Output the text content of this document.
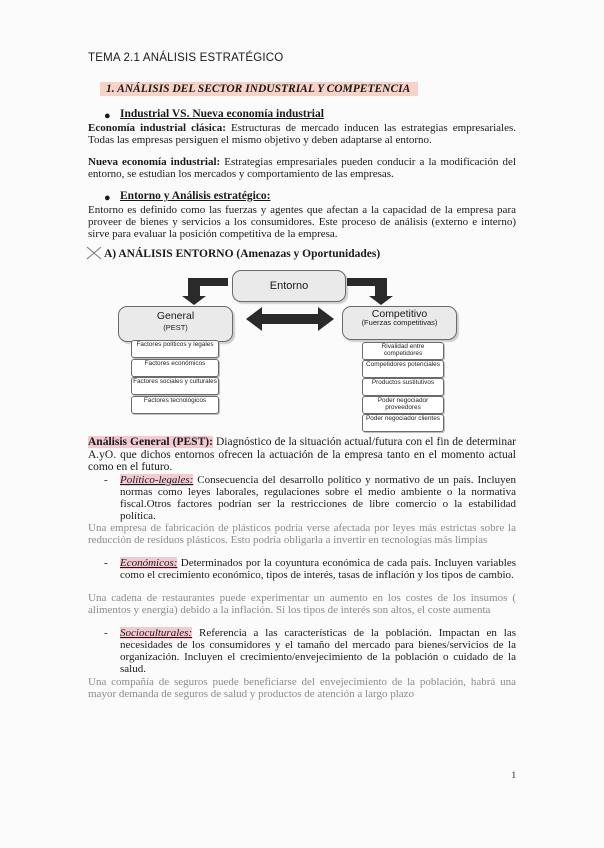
TEMA 2.1 ANÁLISIS ESTRATÉGICO
1. ANÁLISIS DEL SECTOR INDUSTRIAL Y COMPETENCIA
● Industrial VS. Nueva economía industrial
Economía industrial clásica: Estructuras de mercado inducen las estrategias empresariales. Todas las empresas persiguen el mismo objetivo y deben adaptarse al entorno.
Nueva economía industrial: Estrategias empresariales pueden conducir a la modificación del entorno, se estudian los mercados y comportamiento de las empresas.
● Entorno y Análisis estratégico:
Entorno es definido como las fuerzas y agentes que afectan a la capacidad de la empresa para proveer de bienes y servicios a los consumidores. Este proceso de análisis (externo e interno) sirve para evaluar la posición competitiva de la empresa.
A) ANÁLISIS ENTORNO (Amenazas y Oportunidades)
Entorno
General
(PEST)
Competitivo
(Fuerzas competitivas)
Factores políticos y legales
Factores económicos
Factores sociales y culturales
Factores tecnológicos
Rivalidad entre competidores
Competidores potenciales
Productos sustitutivos
Poder negociador proveedores
Poder negociador clientes
Análisis General (PEST): Diagnóstico de la situación actual/futura con el fin de determinar A.yO. que dichos entornos ofrecen la actuación de la empresa tanto en el momento actual como en el futuro.
- Político-legales: Consecuencia del desarrollo político y normativo de un país. Incluyen normas como leyes laborales, regulaciones sobre el medio ambiente o la normativa fiscal.Otros factores podrían ser la restricciones de libre comercio o la estabilidad política.
Una empresa de fabricación de plásticos podría verse afectada por leyes más estrictas sobre la reducción de residuos plásticos. Esto podría obligarla a invertir en tecnologías más limpias
- Económicos: Determinados por la coyuntura económica de cada país. Incluyen variables como el crecimiento económico, tipos de interés, tasas de inflación y los tipos de cambio.
Una cadena de restaurantes puede experimentar un aumento en los costes de los insumos ( alimentos y energía) debido a la inflación. Si los tipos de interés son altos, el coste aumenta
- Socioculturales: Referencia a las características de la población. Impactan en las necesidades de los consumidores y el tamaño del mercado para bienes/servicios de la organización. Incluyen el crecimiento/envejecimiento de la población o cuidado de la salud.
Una compañía de seguros puede beneficiarse del envejecimiento de la población, habrá una mayor demanda de seguros de salud y productos de atención a largo plazo
1
